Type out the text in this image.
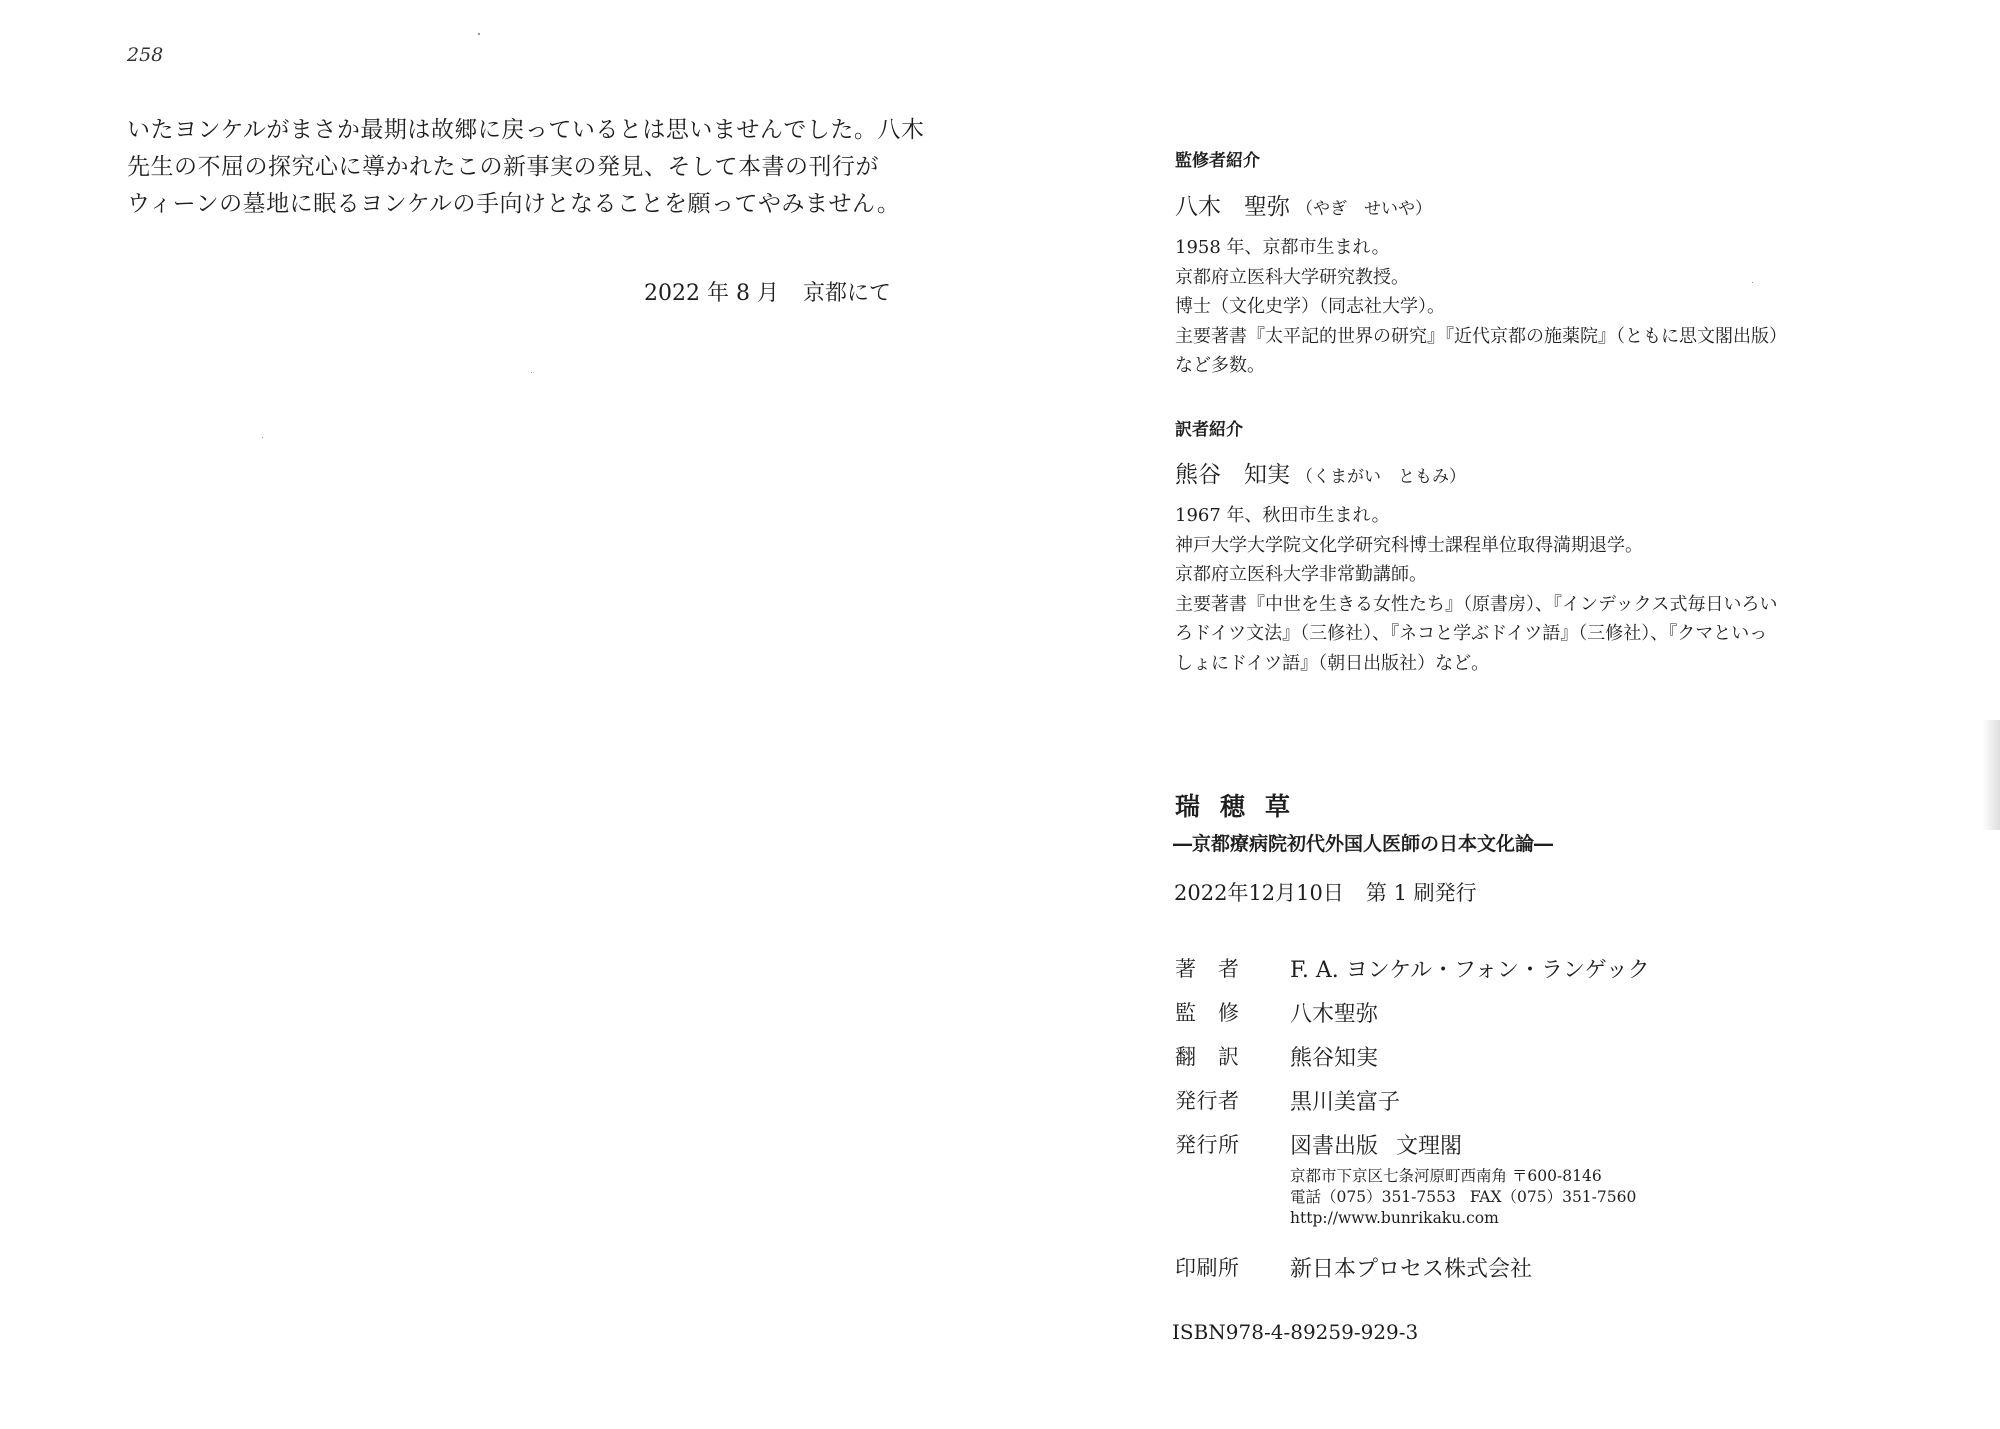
258
いたヨンケルがまさか最期は故郷に戻っているとは思いませんでした。八木
先生の不屈の探究心に導かれたこの新事実の発見、そして本書の刊行が
ウィーンの墓地に眠るヨンケルの手向けとなることを願ってやみません。
2022 年 8 月 京都にて
監修者紹介
八木　聖弥 （やぎ　せいや）
1958 年、京都市生まれ。
京都府立医科大学研究教授。
博士（文化史学）（同志社大学）。
主要著書『太平記的世界の研究』『近代京都の施薬院』（ともに思文閣出版）
など多数。
訳者紹介
熊谷　知実 （くまがい　ともみ）
1967 年、秋田市生まれ。
神戸大学大学院文化学研究科博士課程単位取得満期退学。
京都府立医科大学非常勤講師。
主要著書『中世を生きる女性たち』（原書房）、『インデックス式毎日いろい
ろドイツ文法』（三修社）、『ネコと学ぶドイツ語』（三修社）、『クマといっ
しょにドイツ語』（朝日出版社）など。
瑞穂草
―京都療病院初代外国人医師の日本文化論―
2022年12月10日 第 1 刷発行
著　者	F. A. ヨンケル・フォン・ランゲック
監　修	八木聖弥
翻　訳	熊谷知実
発行者	黒川美富子
発行所	図書出版 文理閣
京都市下京区七条河原町西南角 〒600-8146
電話（075）351-7553 FAX（075）351-7560
http://www.bunrikaku.com
印刷所	新日本プロセス株式会社
ISBN978-4-89259-929-3
